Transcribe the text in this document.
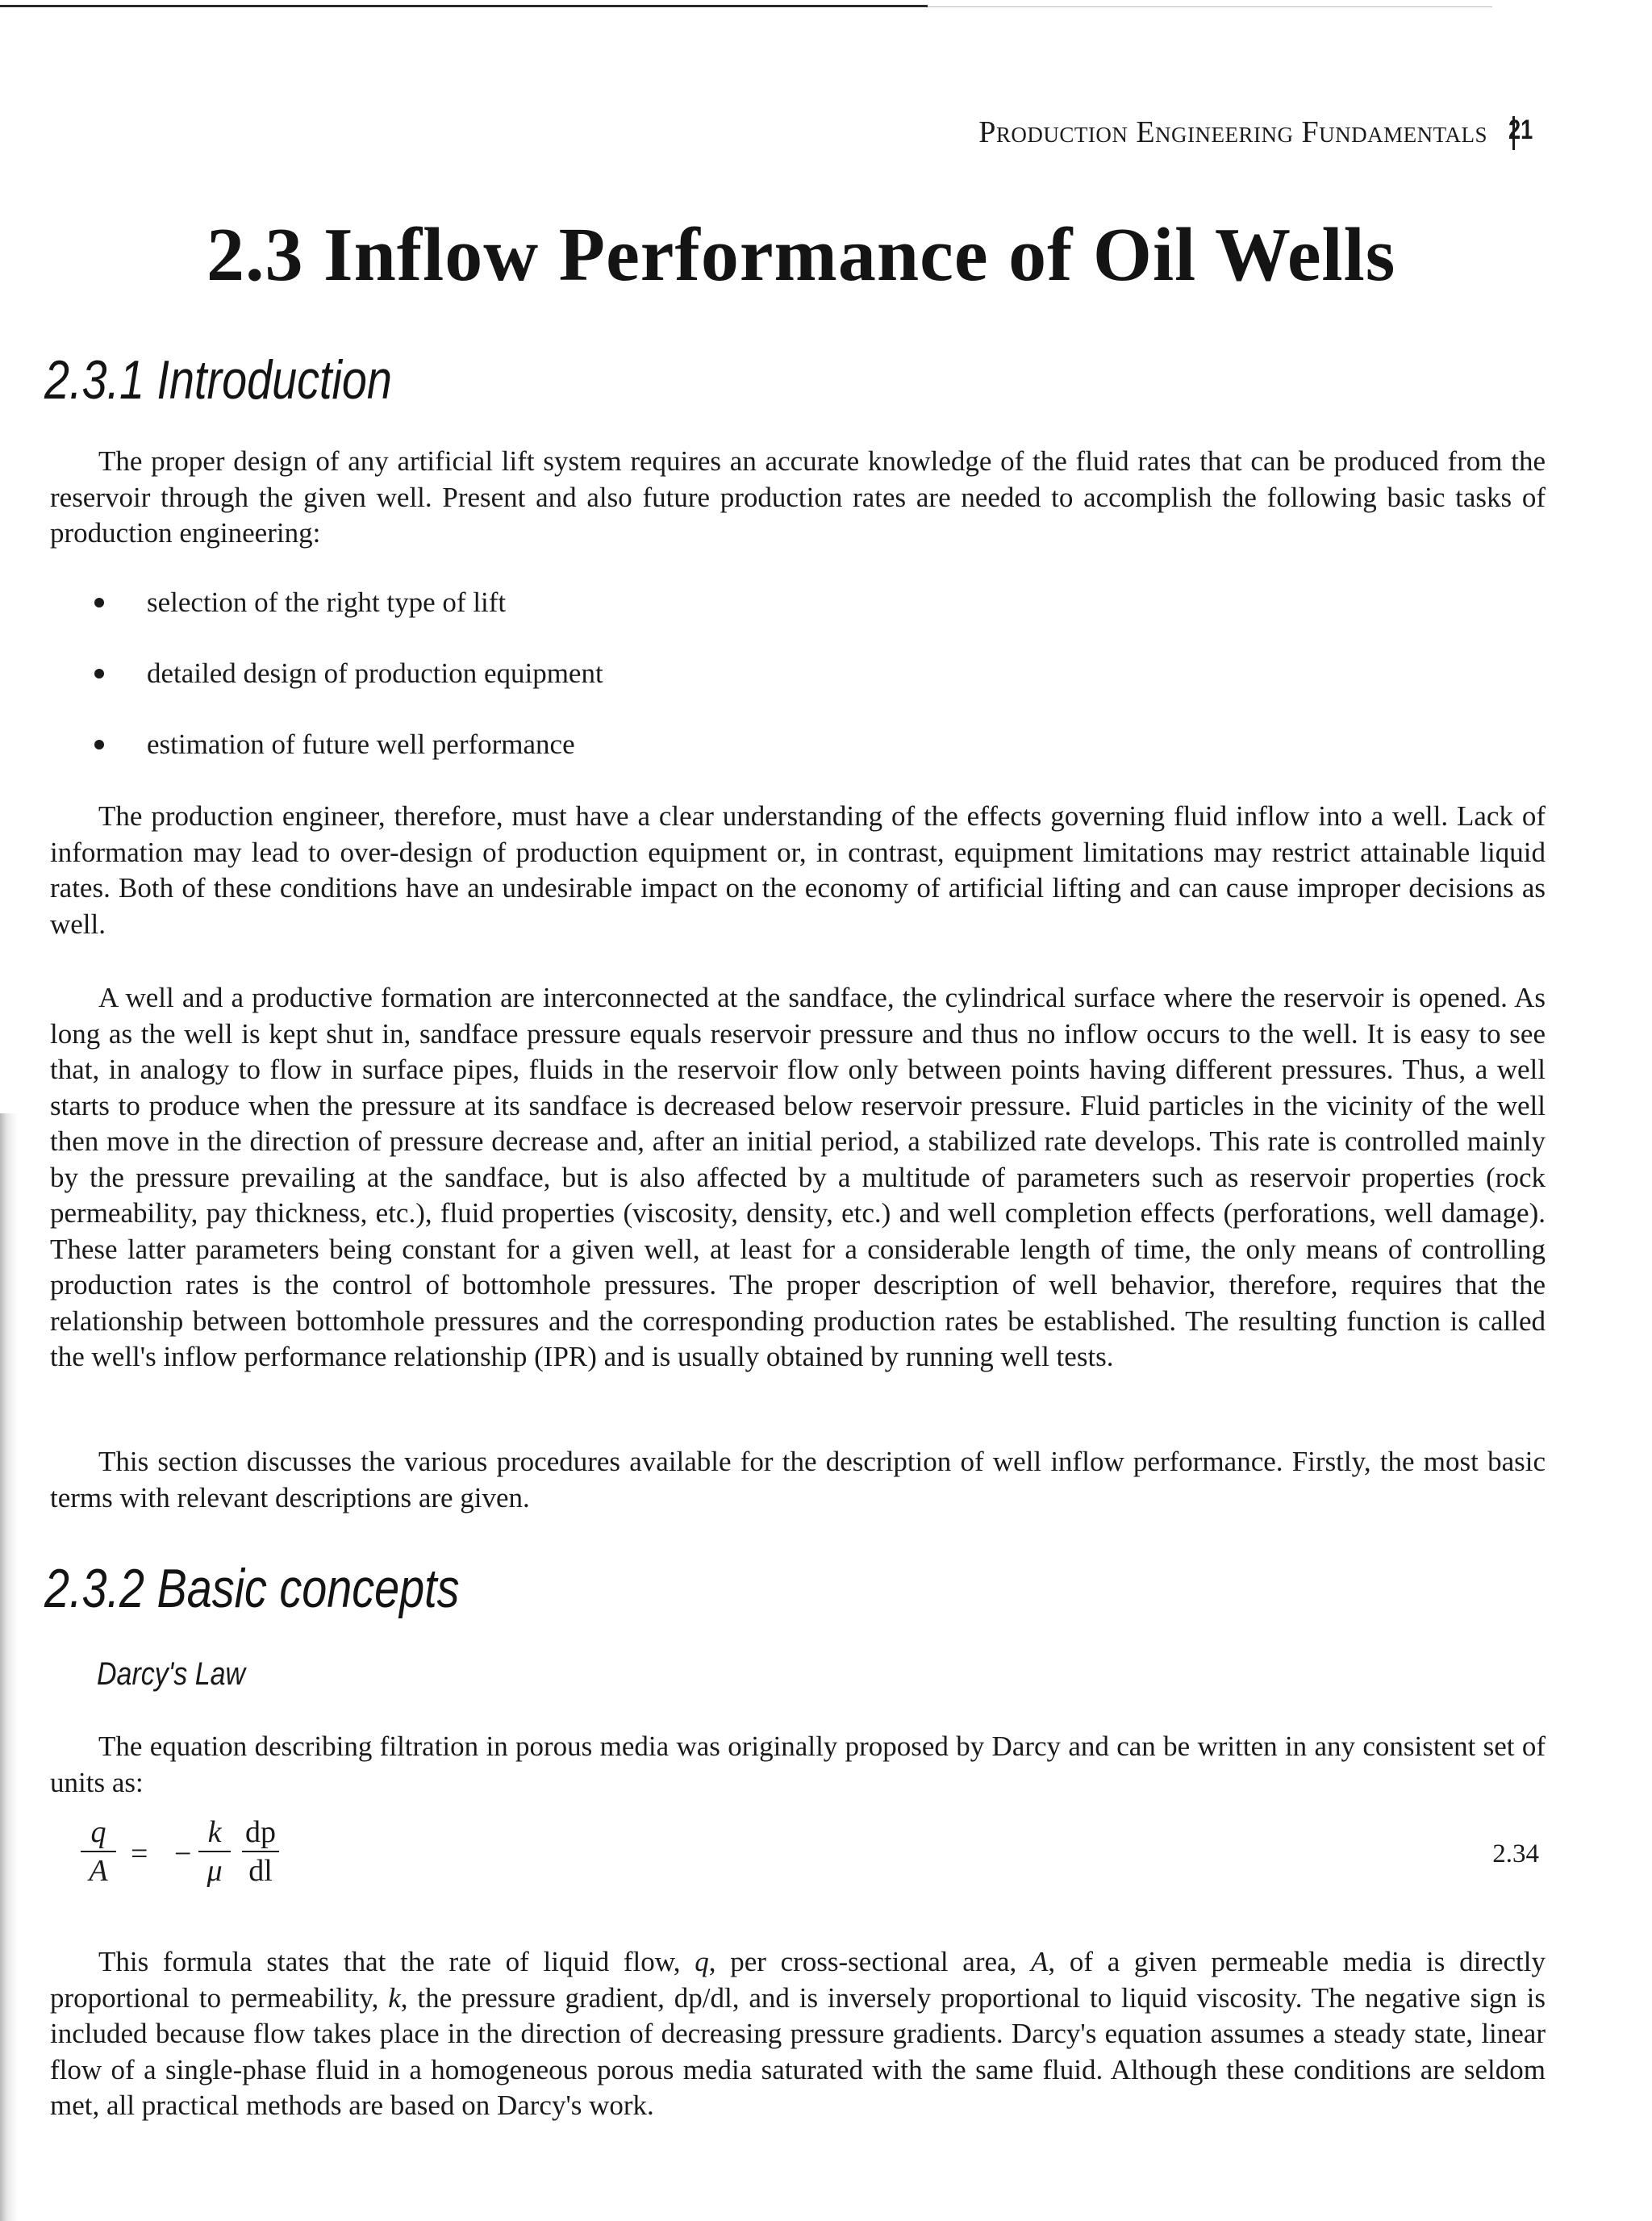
Production Engineering Fundamentals 21
2.3 Inflow Performance of Oil Wells
2.3.1 Introduction

The proper design of any artificial lift system requires an accurate knowledge of the fluid rates that can be produced from the reservoir through the given well. Present and also future production rates are needed to accomplish the following basic tasks of production engineering:

selection of the right type of lift
detailed design of production equipment
estimation of future well performance

The production engineer, therefore, must have a clear understanding of the effects governing fluid inflow into a well. Lack of information may lead to over-design of production equipment or, in contrast, equipment limitations may restrict attainable liquid rates. Both of these conditions have an undesirable impact on the economy of artificial lifting and can cause improper decisions as well.

A well and a productive formation are interconnected at the sandface, the cylindrical surface where the reservoir is opened. As long as the well is kept shut in, sandface pressure equals reservoir pressure and thus no inflow occurs to the well. It is easy to see that, in analogy to flow in surface pipes, fluids in the reservoir flow only between points having different pressures. Thus, a well starts to produce when the pressure at its sandface is decreased below reservoir pressure. Fluid particles in the vicinity of the well then move in the direction of pressure decrease and, after an initial period, a stabilized rate develops. This rate is controlled mainly by the pressure prevailing at the sandface, but is also affected by a multitude of parameters such as reservoir properties (rock permeability, pay thickness, etc.), fluid properties (viscosity, density, etc.) and well completion effects (perforations, well damage). These latter parameters being constant for a given well, at least for a considerable length of time, the only means of controlling production rates is the control of bottomhole pressures. The proper description of well behavior, therefore, requires that the relationship between bottomhole pressures and the corresponding production rates be established. The resulting function is called the well's inflow performance relationship (IPR) and is usually obtained by running well tests.

This section discusses the various procedures available for the description of well inflow performance. Firstly, the most basic terms with relevant descriptions are given.

2.3.2 Basic concepts
Darcy's Law

The equation describing filtration in porous media was originally proposed by Darcy and can be written in any consistent set of units as:

q
A = −
k
μ
dp
dl	2.34

This formula states that the rate of liquid flow, q, per cross-sectional area, A, of a given permeable media is directly proportional to permeability, k, the pressure gradient, dp/dl, and is inversely proportional to liquid viscosity. The negative sign is included because flow takes place in the direction of decreasing pressure gradients. Darcy's equation assumes a steady state, linear flow of a single-phase fluid in a homogeneous porous media saturated with the same fluid. Although these conditions are seldom met, all practical methods are based on Darcy's work.
